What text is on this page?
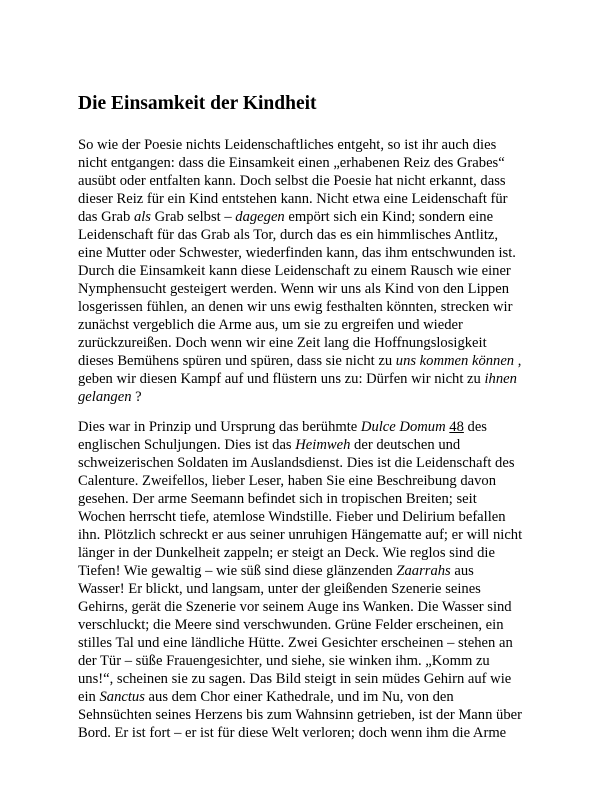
Die Einsamkeit der Kindheit

So wie der Poesie nichts Leidenschaftliches entgeht, so ist ihr auch dies
nicht entgangen: dass die Einsamkeit einen „erhabenen Reiz des Grabes“
ausübt oder entfalten kann. Doch selbst die Poesie hat nicht erkannt, dass
dieser Reiz für ein Kind entstehen kann. Nicht etwa eine Leidenschaft für
das Grab als Grab selbst – dagegen empört sich ein Kind; sondern eine
Leidenschaft für das Grab als Tor, durch das es ein himmlisches Antlitz,
eine Mutter oder Schwester, wiederfinden kann, das ihm entschwunden ist.
Durch die Einsamkeit kann diese Leidenschaft zu einem Rausch wie einer
Nymphensucht gesteigert werden. Wenn wir uns als Kind von den Lippen
losgerissen fühlen, an denen wir uns ewig festhalten könnten, strecken wir
zunächst vergeblich die Arme aus, um sie zu ergreifen und wieder
zurückzureißen. Doch wenn wir eine Zeit lang die Hoffnungslosigkeit
dieses Bemühens spüren und spüren, dass sie nicht zu uns kommen können ,
geben wir diesen Kampf auf und flüstern uns zu: Dürfen wir nicht zu ihnen
gelangen ?

Dies war in Prinzip und Ursprung das berühmte Dulce Domum 48 des
englischen Schuljungen. Dies ist das Heimweh der deutschen und
schweizerischen Soldaten im Auslandsdienst. Dies ist die Leidenschaft des
Calenture. Zweifellos, lieber Leser, haben Sie eine Beschreibung davon
gesehen. Der arme Seemann befindet sich in tropischen Breiten; seit
Wochen herrscht tiefe, atemlose Windstille. Fieber und Delirium befallen
ihn. Plötzlich schreckt er aus seiner unruhigen Hängematte auf; er will nicht
länger in der Dunkelheit zappeln; er steigt an Deck. Wie reglos sind die
Tiefen! Wie gewaltig – wie süß sind diese glänzenden Zaarrahs aus
Wasser! Er blickt, und langsam, unter der gleißenden Szenerie seines
Gehirns, gerät die Szenerie vor seinem Auge ins Wanken. Die Wasser sind
verschluckt; die Meere sind verschwunden. Grüne Felder erscheinen, ein
stilles Tal und eine ländliche Hütte. Zwei Gesichter erscheinen – stehen an
der Tür – süße Frauengesichter, und siehe, sie winken ihm. „Komm zu
uns!“, scheinen sie zu sagen. Das Bild steigt in sein müdes Gehirn auf wie
ein Sanctus aus dem Chor einer Kathedrale, und im Nu, von den
Sehnsüchten seines Herzens bis zum Wahnsinn getrieben, ist der Mann über
Bord. Er ist fort – er ist für diese Welt verloren; doch wenn ihm die Arme
